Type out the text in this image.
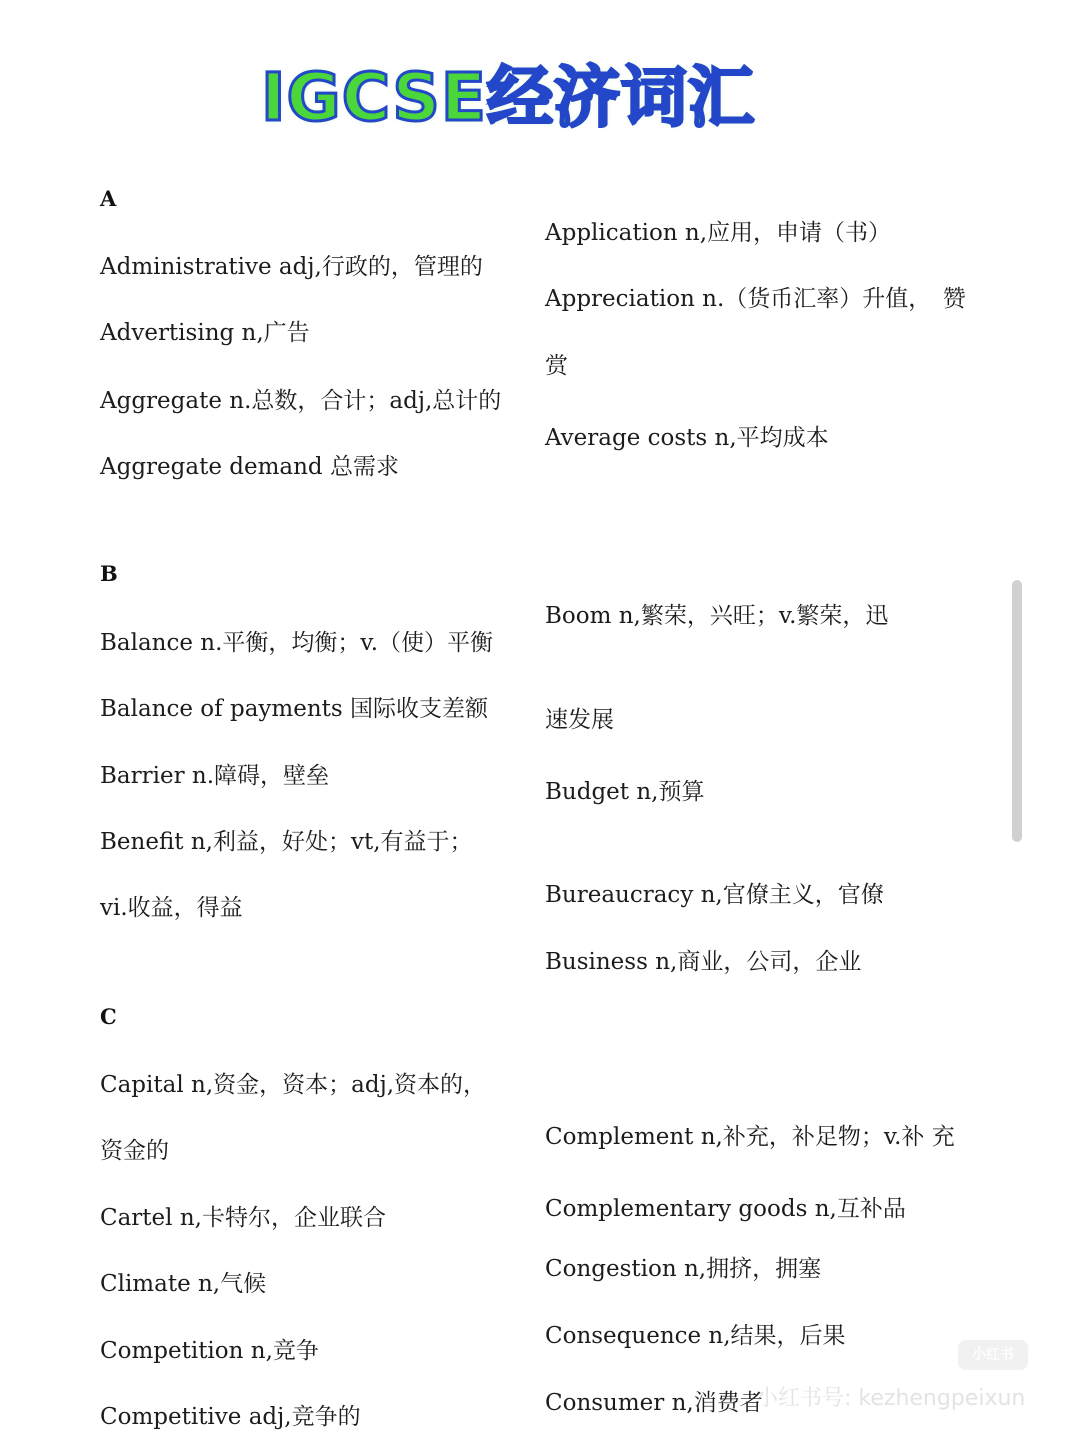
IGCSE经济词汇
A
Administrative adj,行政的，管理的
Advertising n,广告
Aggregate n.总数，合计；adj,总计的
Aggregate demand 总需求
Application n,应用，申请（书）
Appreciation n.（货币汇率）升值，　赞
赏
Average costs n,平均成本
B
Balance n.平衡，均衡；v.（使）平衡
Balance of payments 国际收支差额
Barrier n.障碍，壁垒
Benefit n,利益，好处；vt,有益于；
vi.收益，得益
Boom n,繁荣，兴旺；v.繁荣，迅
速发展
Budget n,预算
Bureaucracy n,官僚主义，官僚
Business n,商业，公司，企业
C
Capital n,资金，资本；adj,资本的，
资金的
Cartel n,卡特尔，企业联合
Climate n,气候
Competition n,竞争
Competitive adj,竞争的
Complement n,补充，补足物；v.补 充
Complementary goods n,互补品
Congestion n,拥挤，拥塞
Consequence n,结果，后果
Consumer n,消费者
小红书
小红书号: kezhengpeixun
